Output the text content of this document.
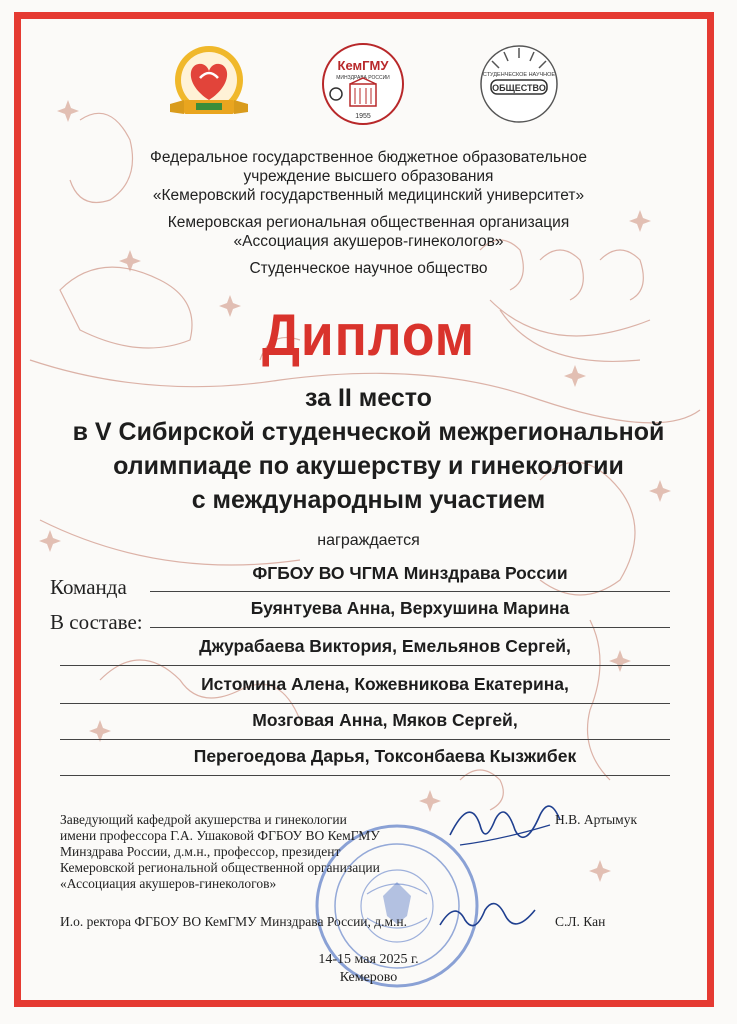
КемГМУ
МИНЗДРАВА РОССИИ
1955
СТУДЕНЧЕСКОЕ НАУЧНОЕ
ОБЩЕСТВО
Федеральное государственное бюджетное образовательное
учреждение высшего образования
«Кемеровский государственный медицинский университет»
Кемеровская региональная общественная организация
«Ассоциация акушеров-гинекологов»
Студенческое научное общество
Диплом
за II место
в V Сибирской студенческой межрегиональной
олимпиаде по акушерству и гинекологии
с международным участием
награждается
Команда
ФГБОУ ВО ЧГМА Минздрава России
В составе:
Буянтуева Анна, Верхушина Марина
Джурабаева Виктория, Емельянов Сергей,
Истомина Алена, Кожевникова Екатерина,
Мозговая Анна, Мяков Сергей,
Перегоедова Дарья, Токсонбаева Кызжибек
Заведующий кафедрой акушерства и гинекологии
имени профессора Г.А. Ушаковой ФГБОУ ВО КемГМУ
Минздрава России, д.м.н., профессор, президент
Кемеровской региональной общественной организации
«Ассоциация акушеров-гинекологов»
Н.В. Артымук
И.о. ректора ФГБОУ ВО КемГМУ Минздрава России, д.м.н.	С.Л. Кан
14-15 мая 2025 г.
Кемерово
